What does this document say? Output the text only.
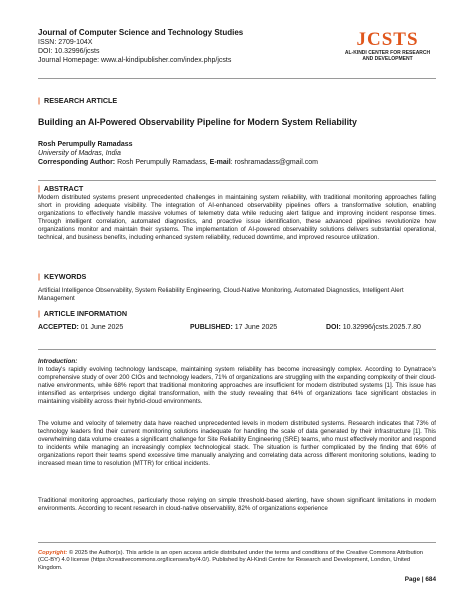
Journal of Computer Science and Technology Studies
ISSN: 2709-104X
DOI: 10.32996/jcsts
Journal Homepage: www.al-kindipublisher.com/index.php/jcsts
JCSTS
AL-KINDI CENTER FOR RESEARCH
AND DEVELOPMENT
| RESEARCH ARTICLE
Building an AI-Powered Observability Pipeline for Modern System Reliability
Rosh Perumpully Ramadass
University of Madras, India
Corresponding Author: Rosh Perumpully Ramadass, E-mail: roshramadass@gmail.com
| ABSTRACT
Modern distributed systems present unprecedented challenges in maintaining system reliability, with traditional monitoring approaches falling short in providing adequate visibility. The integration of AI-enhanced observability pipelines offers a transformative solution, enabling organizations to effectively handle massive volumes of telemetry data while reducing alert fatigue and improving incident response times. Through intelligent correlation, automated diagnostics, and proactive issue identification, these advanced pipelines revolutionize how organizations monitor and maintain their systems. The implementation of AI-powered observability solutions delivers substantial operational, technical, and business benefits, including enhanced system reliability, reduced downtime, and improved resource utilization.
| KEYWORDS
Artificial Intelligence Observability, System Reliability Engineering, Cloud-Native Monitoring, Automated Diagnostics, Intelligent Alert Management
| ARTICLE INFORMATION
ACCEPTED: 01 June 2025	PUBLISHED: 17 June 2025	DOI: 10.32996/jcsts.2025.7.80
Introduction:
In today's rapidly evolving technology landscape, maintaining system reliability has become increasingly complex. According to Dynatrace's comprehensive study of over 200 CIOs and technology leaders, 71% of organizations are struggling with the expanding complexity of their cloud-native environments, while 68% report that traditional monitoring approaches are insufficient for modern distributed systems [1]. This issue has intensified as enterprises undergo digital transformation, with the study revealing that 64% of organizations face significant obstacles in maintaining visibility across their hybrid-cloud environments.
The volume and velocity of telemetry data have reached unprecedented levels in modern distributed systems. Research indicates that 73% of technology leaders find their current monitoring solutions inadequate for handling the scale of data generated by their infrastructure [1]. This overwhelming data volume creates a significant challenge for Site Reliability Engineering (SRE) teams, who must effectively monitor and respond to incidents while managing an increasingly complex technological stack. The situation is further complicated by the finding that 69% of organizations report their teams spend excessive time manually analyzing and correlating data across different monitoring solutions, leading to increased mean time to resolution (MTTR) for critical incidents.
Traditional monitoring approaches, particularly those relying on simple threshold-based alerting, have shown significant limitations in modern environments. According to recent research in cloud-native observability, 82% of organizations experience
Copyright: © 2025 the Author(s). This article is an open access article distributed under the terms and conditions of the Creative Commons Attribution (CC-BY) 4.0 license (https://creativecommons.org/licenses/by/4.0/). Published by Al-Kindi Centre for Research and Development, London, United Kingdom.
Page | 684
